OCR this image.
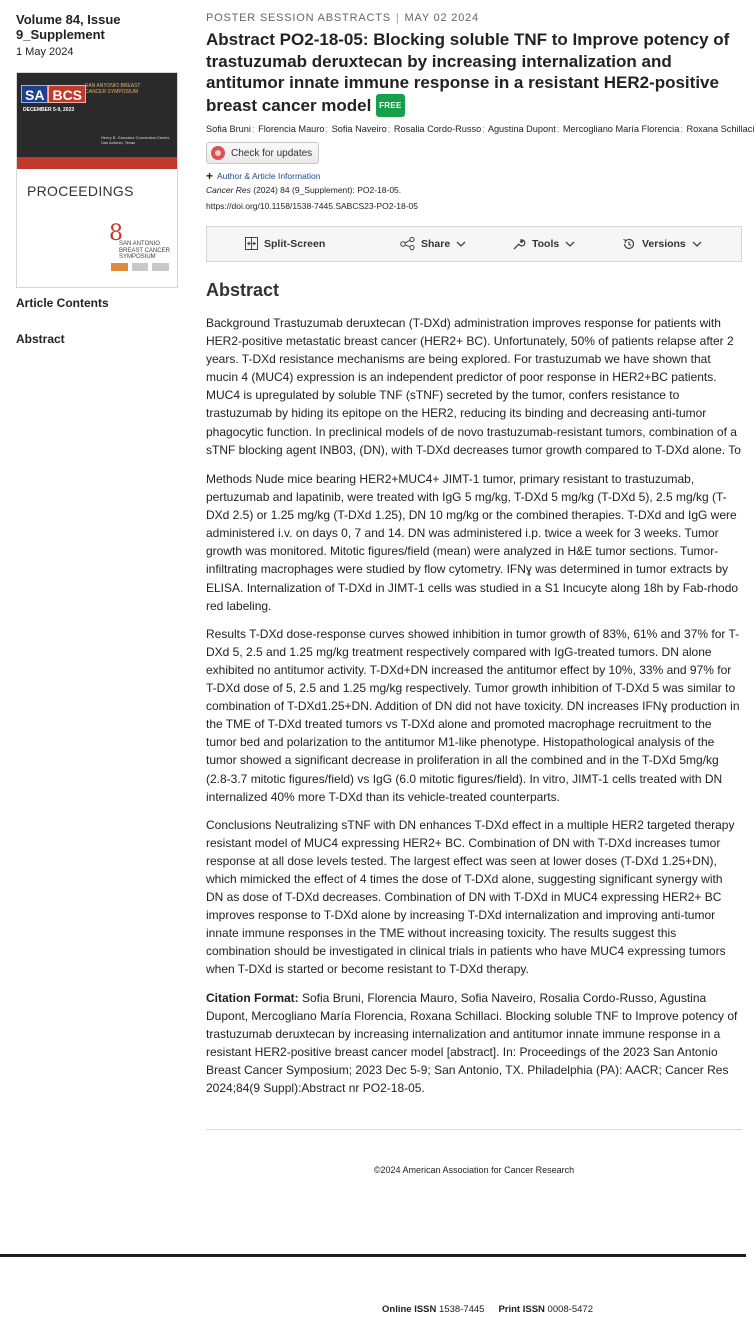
Volume 84, Issue 9_Supplement
1 May 2024
SA BCS
SAN ANTONIO BREAST CANCER SYMPOSIUM
DECEMBER 5-9, 2023
Henry B. Gonzalez Convention Center, San Antonio, Texas
PROCEEDINGS
8
SAN ANTONIO BREAST CANCER SYMPOSIUM
Article Contents
Abstract
POSTER SESSION ABSTRACTS | MAY 02 2024
Abstract PO2-18-05: Blocking soluble TNF to Improve potency of trastuzumab deruxtecan by increasing internalization and antitumor innate immune response in a resistant HER2-positive breast cancer model FREE
Sofia Bruni; Florencia Mauro; Sofia Naveiro; Rosalia Cordo-Russo; Agustina Dupont; Mercogliano María Florencia; Roxana Schillaci
Check for updates
+ Author & Article Information
Cancer Res (2024) 84 (9_Supplement): PO2-18-05.
https://doi.org/10.1158/1538-7445.SABCS23-PO2-18-05
Split-Screen	Share	Tools	Versions
Abstract

Background Trastuzumab deruxtecan (T-DXd) administration improves response for patients with HER2-positive metastatic breast cancer (HER2+ BC). Unfortunately, 50% of patients relapse after 2 years. T-DXd resistance mechanisms are being explored. For trastuzumab we have shown that mucin 4 (MUC4) expression is an independent predictor of poor response in HER2+BC patients. MUC4 is upregulated by soluble TNF (sTNF) secreted by the tumor, confers resistance to trastuzumab by hiding its epitope on the HER2, reducing its binding and decreasing anti-tumor phagocytic function. In preclinical models of de novo trastuzumab-resistant tumors, combination of a sTNF blocking agent INB03, (DN), with T-DXd decreases tumor growth compared to T-DXd alone. To

Methods Nude mice bearing HER2+MUC4+ JIMT-1 tumor, primary resistant to trastuzumab, pertuzumab and lapatinib, were treated with IgG 5 mg/kg, T-DXd 5 mg/kg (T-DXd 5), 2.5 mg/kg (T-DXd 2.5) or 1.25 mg/kg (T-DXd 1.25), DN 10 mg/kg or the combined therapies. T-DXd and IgG were administered i.v. on days 0, 7 and 14. DN was administered i.p. twice a week for 3 weeks. Tumor growth was monitored. Mitotic figures/field (mean) were analyzed in H&E tumor sections. Tumor-infiltrating macrophages were studied by flow cytometry. IFNɣ was determined in tumor extracts by ELISA. Internalization of T-DXd in JIMT-1 cells was studied in a S1 Incucyte along 18h by Fab-rhodo red labeling.

Results T-DXd dose-response curves showed inhibition in tumor growth of 83%, 61% and 37% for T-DXd 5, 2.5 and 1.25 mg/kg treatment respectively compared with IgG-treated tumors. DN alone exhibited no antitumor activity. T-DXd+DN increased the antitumor effect by 10%, 33% and 97% for T-DXd dose of 5, 2.5 and 1.25 mg/kg respectively. Tumor growth inhibition of T-DXd 5 was similar to combination of T-DXd1.25+DN. Addition of DN did not have toxicity. DN increases IFNɣ production in the TME of T-DXd treated tumors vs T-DXd alone and promoted macrophage recruitment to the tumor bed and polarization to the antitumor M1-like phenotype. Histopathological analysis of the tumor showed a significant decrease in proliferation in all the combined and in the T-DXd 5mg/kg (2.8-3.7 mitotic figures/field) vs IgG (6.0 mitotic figures/field). In vitro, JIMT-1 cells treated with DN internalized 40% more T-DXd than its vehicle-treated counterparts.

Conclusions Neutralizing sTNF with DN enhances T-DXd effect in a multiple HER2 targeted therapy resistant model of MUC4 expressing HER2+ BC. Combination of DN with T-DXd increases tumor response at all dose levels tested. The largest effect was seen at lower doses (T-DXd 1.25+DN), which mimicked the effect of 4 times the dose of T-DXd alone, suggesting significant synergy with DN as dose of T-DXd decreases. Combination of DN with T-DXd in MUC4 expressing HER2+ BC improves response to T-DXd alone by increasing T-DXd internalization and improving anti-tumor innate immune responses in the TME without increasing toxicity. The results suggest this combination should be investigated in clinical trials in patients who have MUC4 expressing tumors when T-DXd is started or become resistant to T-DXd therapy.

Citation Format: Sofia Bruni, Florencia Mauro, Sofia Naveiro, Rosalia Cordo-Russo, Agustina Dupont, Mercogliano María Florencia, Roxana Schillaci. Blocking soluble TNF to Improve potency of trastuzumab deruxtecan by increasing internalization and antitumor innate immune response in a resistant HER2-positive breast cancer model [abstract]. In: Proceedings of the 2023 San Antonio Breast Cancer Symposium; 2023 Dec 5-9; San Antonio, TX. Philadelphia (PA): AACR; Cancer Res 2024;84(9 Suppl):Abstract nr PO2-18-05.

©2024 American Association for Cancer Research
Online ISSN 1538-7445 Print ISSN 0008-5472
